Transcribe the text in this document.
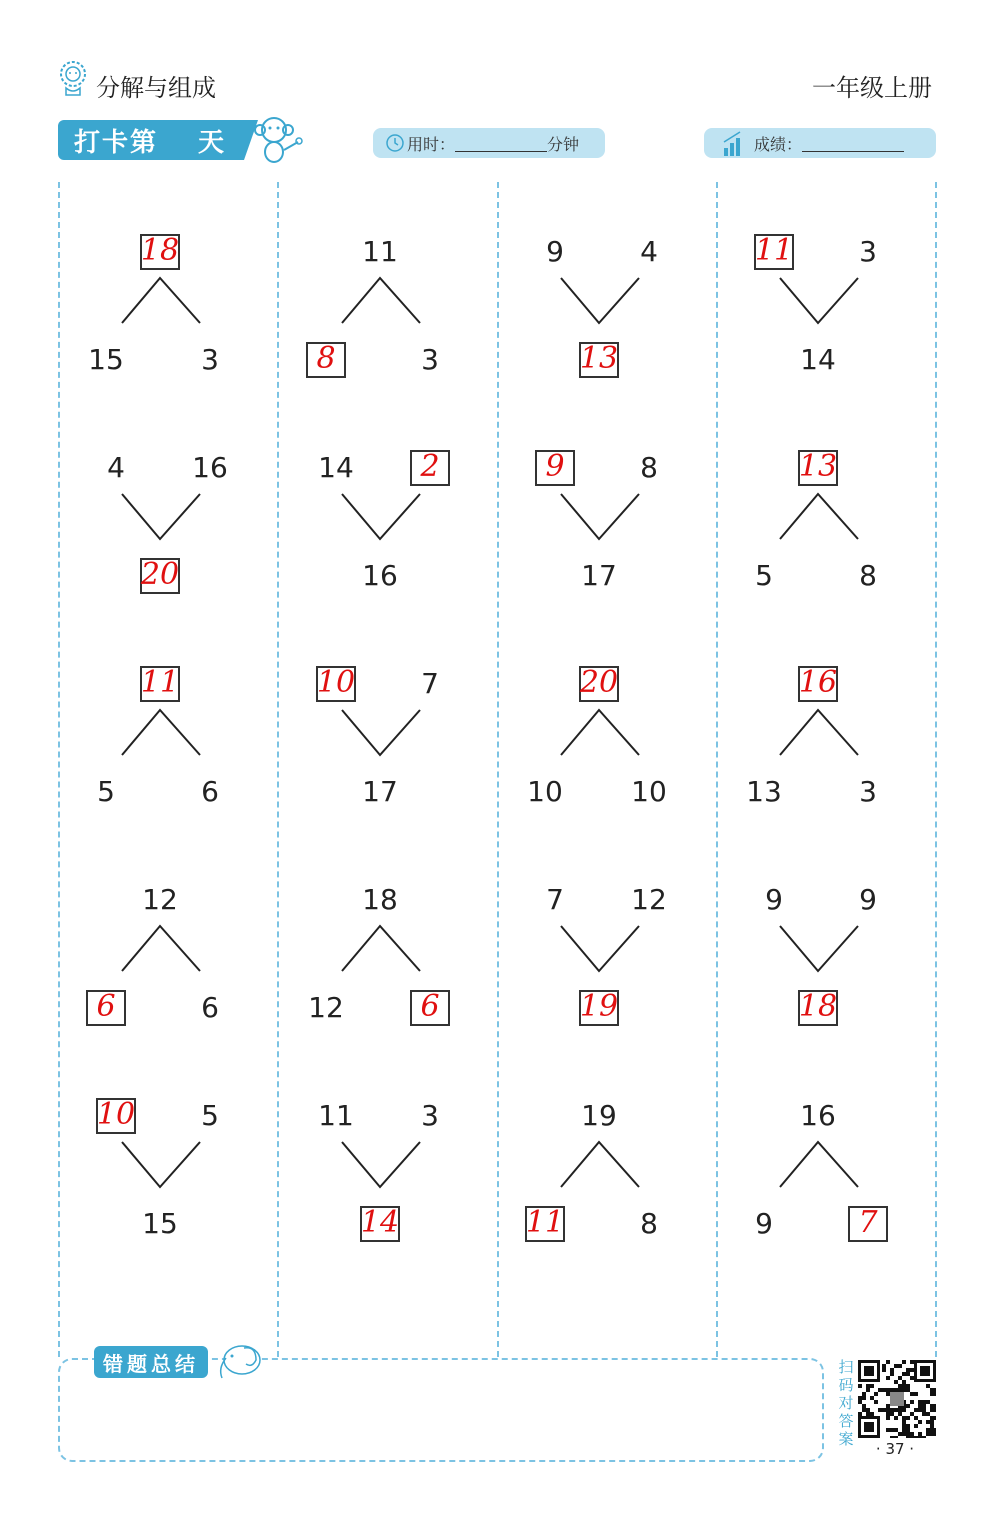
分解与组成	一年级上册
打卡第 天	用时：	分钟	成绩：
18
15	3
11
8	3
9	4
13
11	3
14
4	16
20
14	2
16
9	8
17
13
5	8
11
5	6
10	7
17
20
10	10
16
13	3
12
6	6
18
12	6
7	12
19
9	9
18
10	5
15
11	3
14
19
11	8
16
9	7
错题总结	扫码对答案
· 37 ·
